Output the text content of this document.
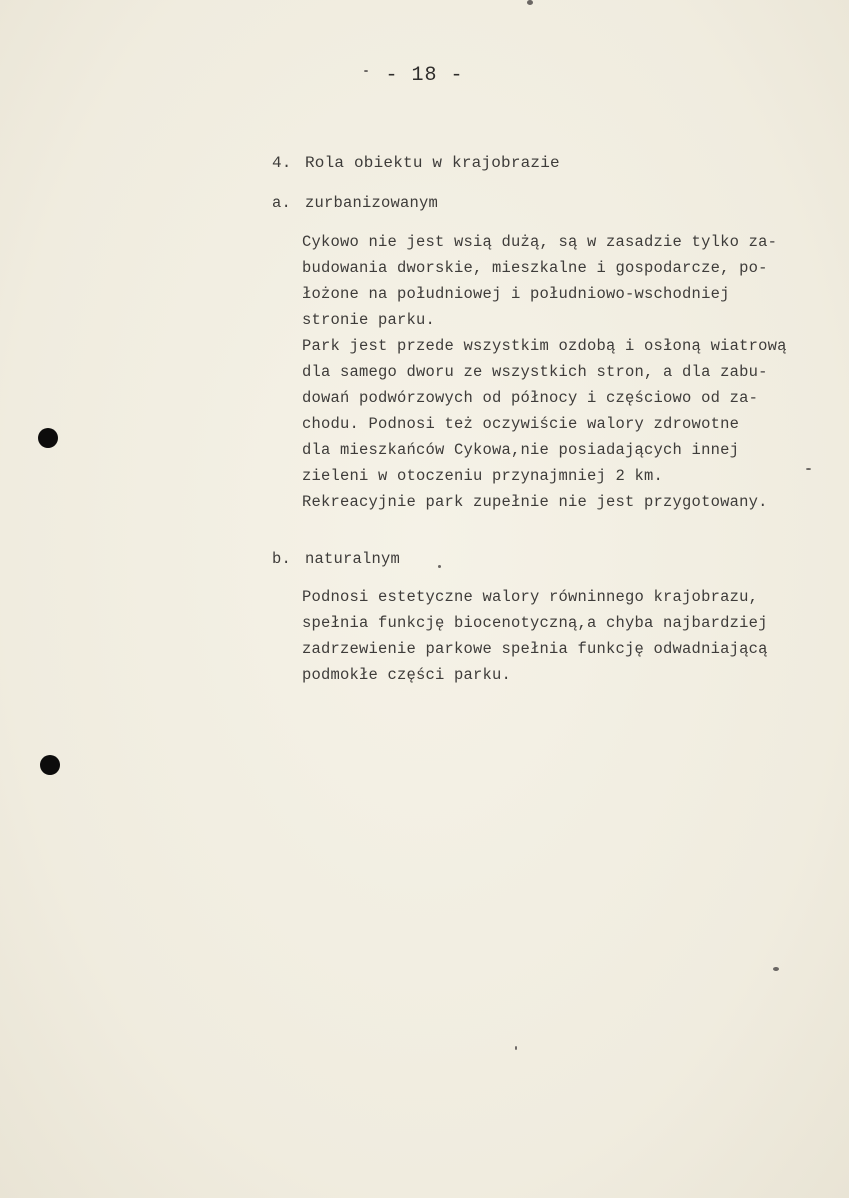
- 18 -
4. Rola obiektu w krajobrazie
a. zurbanizowanym
Cykowo nie jest wsią dużą, są w zasadzie tylko za-
budowania dworskie, mieszkalne i gospodarcze, po-
łożone na południowej i południowo-wschodniej
stronie parku.
Park jest przede wszystkim ozdobą i osłoną wiatrową
dla samego dworu ze wszystkich stron, a dla zabu-
dowań podwórzowych od północy i częściowo od za-
chodu. Podnosi też oczywiście walory zdrowotne
dla mieszkańców Cykowa,nie posiadających innej
zieleni w otoczeniu przynajmniej 2 km.
Rekreacyjnie park zupełnie nie jest przygotowany.
b. naturalnym
Podnosi estetyczne walory równinnego krajobrazu,
spełnia funkcję biocenotyczną,a chyba najbardziej
zadrzewienie parkowe spełnia funkcję odwadniającą
podmokłe części parku.
